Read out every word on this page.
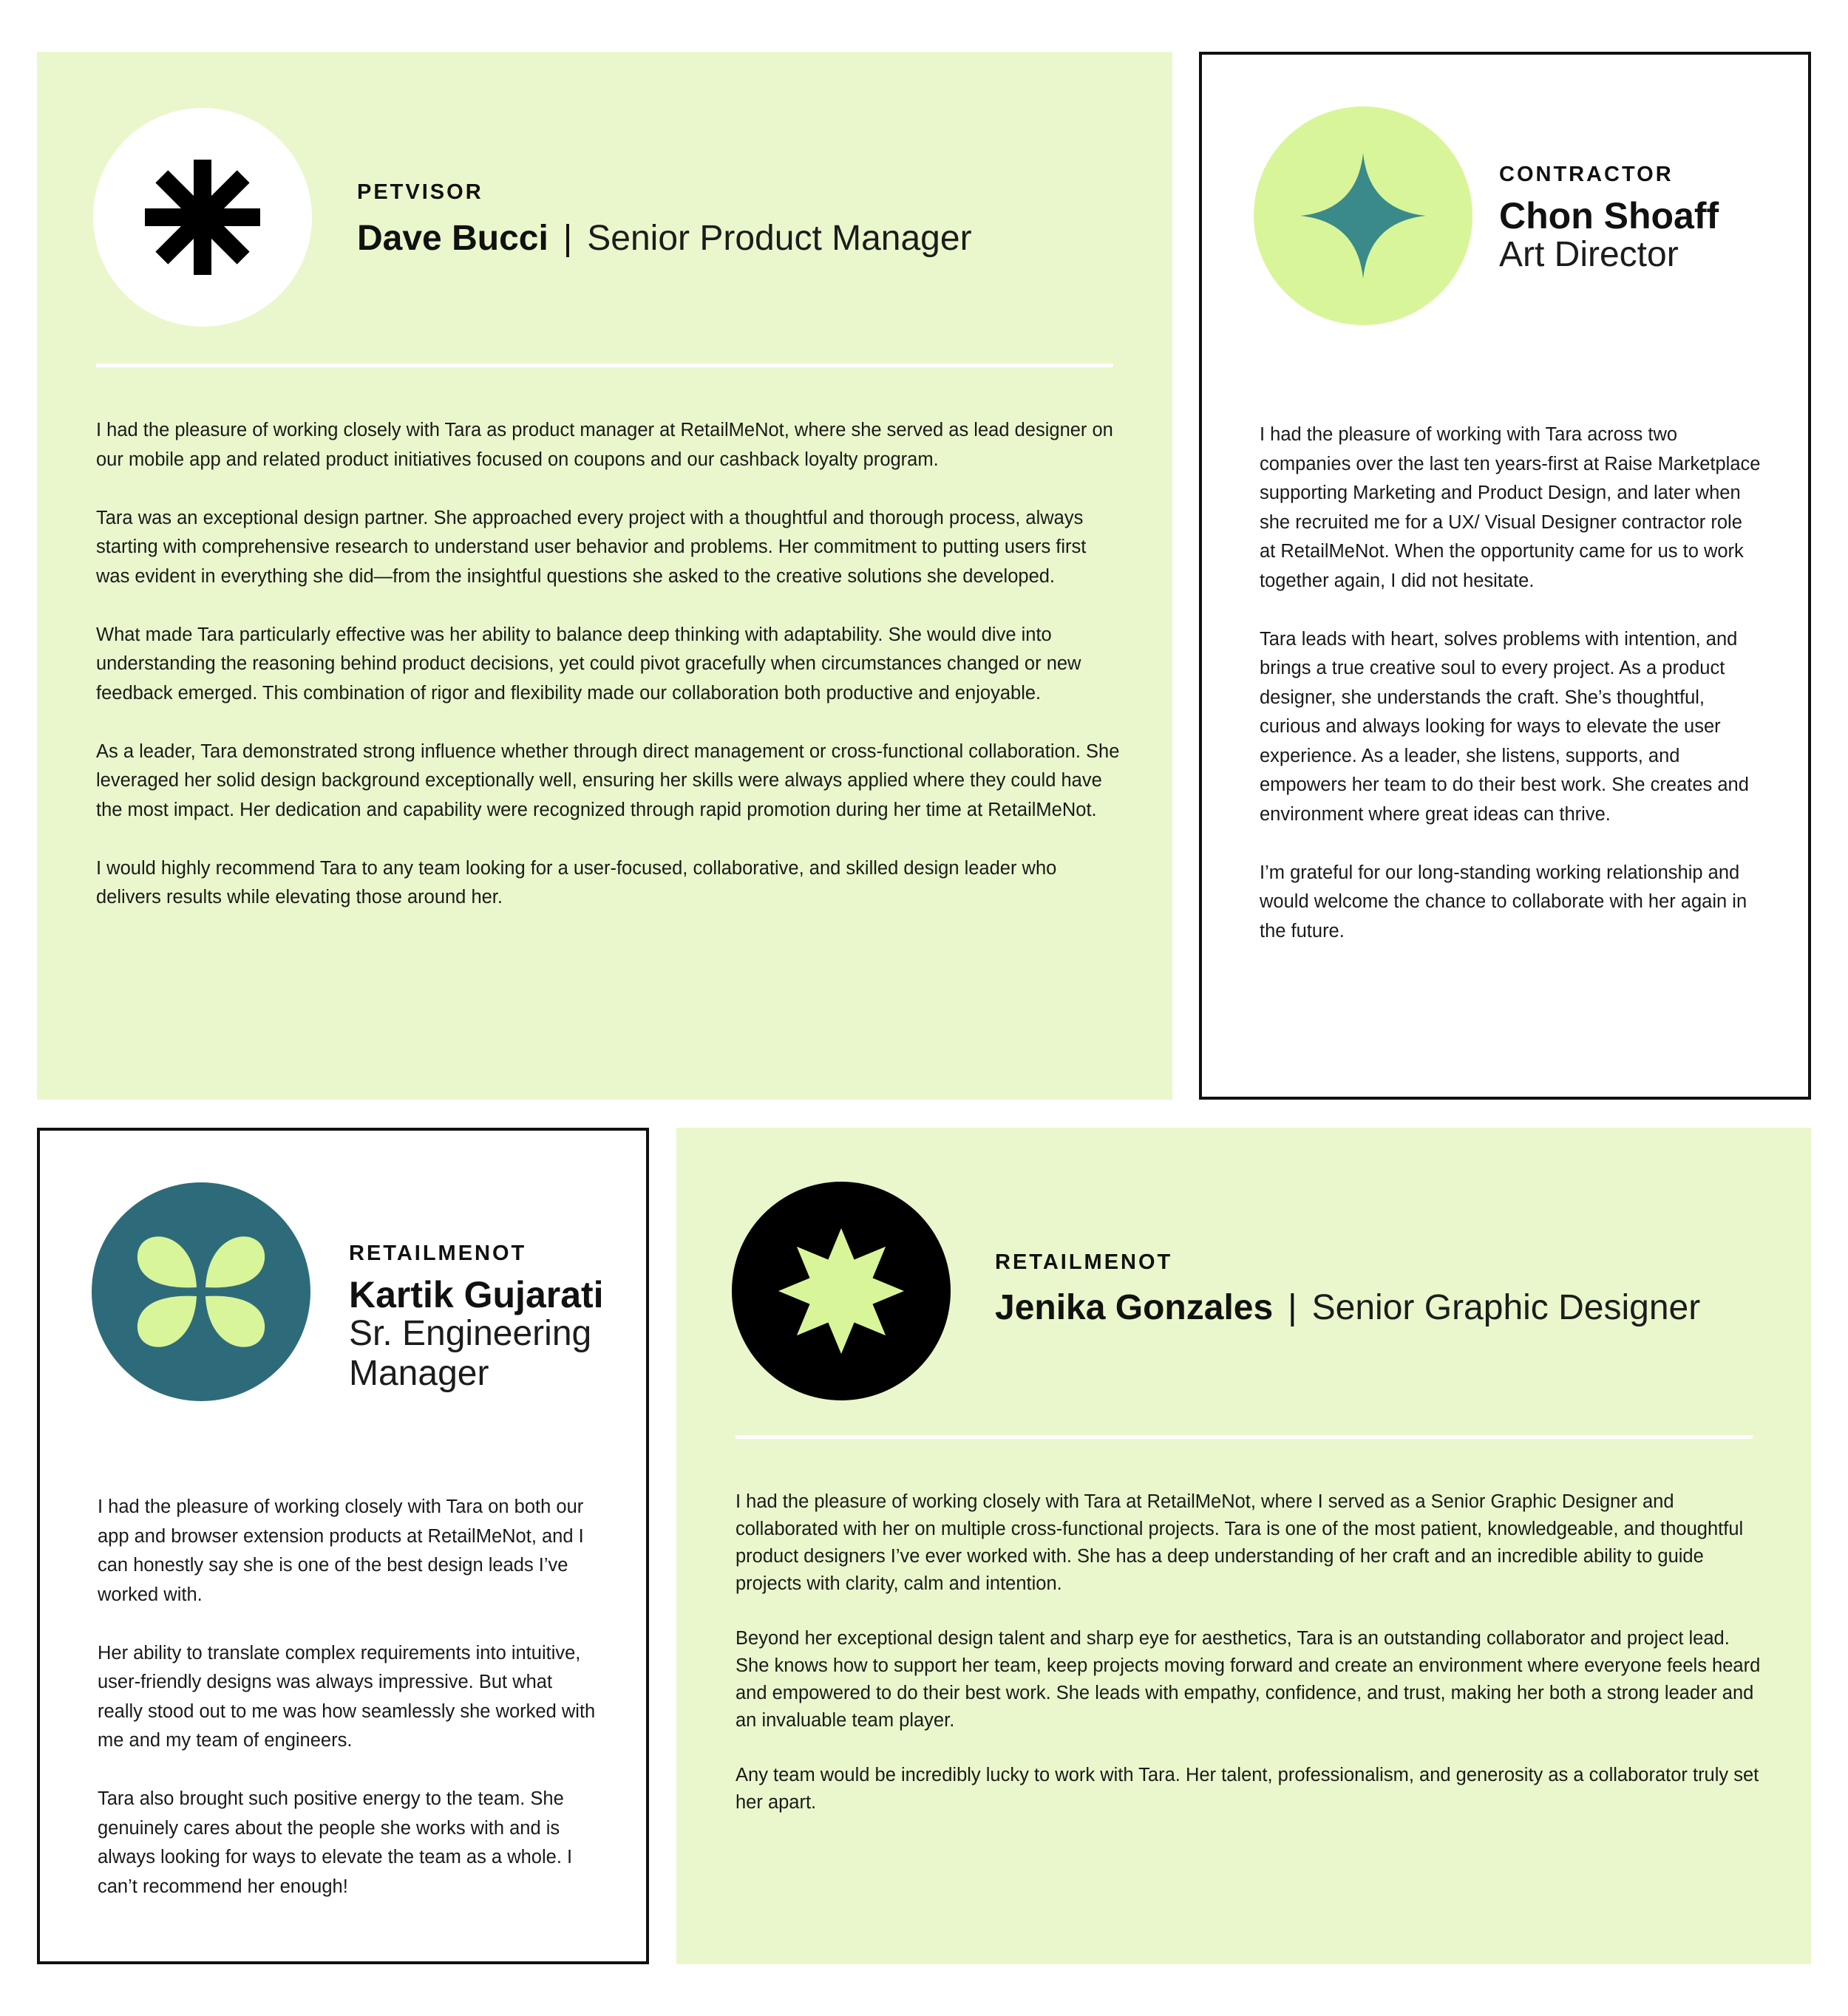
PETVISOR
Dave Bucci | Senior Product Manager

I had the pleasure of working closely with Tara as product manager at RetailMeNot, where she served as lead designer on our mobile app and related product initiatives focused on coupons and our cashback loyalty program.

Tara was an exceptional design partner. She approached every project with a thoughtful and thorough process, always starting with comprehensive research to understand user behavior and problems. Her commitment to putting users first was evident in everything she did—from the insightful questions she asked to the creative solutions she developed.

What made Tara particularly effective was her ability to balance deep thinking with adaptability. She would dive into understanding the reasoning behind product decisions, yet could pivot gracefully when circumstances changed or new feedback emerged. This combination of rigor and flexibility made our collaboration both productive and enjoyable.

As a leader, Tara demonstrated strong influence whether through direct management or cross-functional collaboration. She leveraged her solid design background exceptionally well, ensuring her skills were always applied where they could have the most impact. Her dedication and capability were recognized through rapid promotion during her time at RetailMeNot.

I would highly recommend Tara to any team looking for a user-focused, collaborative, and skilled design leader who delivers results while elevating those around her.

CONTRACTOR
Chon Shoaff
Art Director

I had the pleasure of working with Tara across two companies over the last ten years-first at Raise Marketplace supporting Marketing and Product Design, and later when she recruited me for a UX/ Visual Designer contractor role at RetailMeNot. When the opportunity came for us to work together again, I did not hesitate.

Tara leads with heart, solves problems with intention, and brings a true creative soul to every project. As a product designer, she understands the craft. She’s thoughtful, curious and always looking for ways to elevate the user experience. As a leader, she listens, supports, and empowers her team to do their best work. She creates and environment where great ideas can thrive.

I’m grateful for our long-standing working relationship and would welcome the chance to collaborate with her again in the future.

RETAILMENOT
Kartik Gujarati
Sr. Engineering Manager

I had the pleasure of working closely with Tara on both our app and browser extension products at RetailMeNot, and I can honestly say she is one of the best design leads I’ve worked with.

Her ability to translate complex requirements into intuitive, user-friendly designs was always impressive. But what really stood out to me was how seamlessly she worked with me and my team of engineers.

Tara also brought such positive energy to the team. She genuinely cares about the people she works with and is always looking for ways to elevate the team as a whole. I can’t recommend her enough!

RETAILMENOT
Jenika Gonzales | Senior Graphic Designer

I had the pleasure of working closely with Tara at RetailMeNot, where I served as a Senior Graphic Designer and collaborated with her on multiple cross-functional projects. Tara is one of the most patient, knowledgeable, and thoughtful product designers I’ve ever worked with. She has a deep understanding of her craft and an incredible ability to guide projects with clarity, calm and intention.

Beyond her exceptional design talent and sharp eye for aesthetics, Tara is an outstanding collaborator and project lead. She knows how to support her team, keep projects moving forward and create an environment where everyone feels heard and empowered to do their best work. She leads with empathy, confidence, and trust, making her both a strong leader and an invaluable team player.

Any team would be incredibly lucky to work with Tara. Her talent, professionalism, and generosity as a collaborator truly set her apart.
